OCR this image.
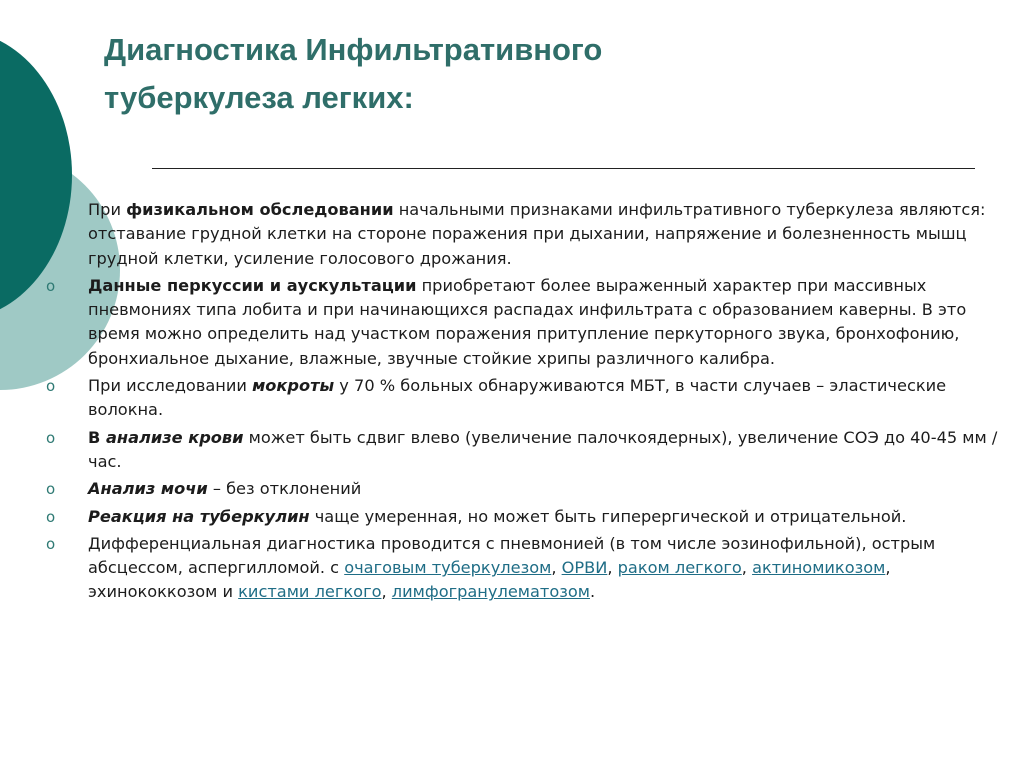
Диагностика Инфильтративного
туберкулеза легких:
При физикальном обследовании начальными признаками инфильтративного туберкулеза являются: отставание грудной клетки на стороне поражения при дыхании, напряжение и болезненность мышц грудной клетки, усиление голосового дрожания.
o Данные перкуссии и аускультации приобретают более выраженный характер при массивных пневмониях типа лобита и при начинающихся распадах инфильтрата с образованием каверны. В это время можно определить над участком поражения притупление перкуторного звука, бронхофонию, бронхиальное дыхание, влажные, звучные стойкие хрипы различного калибра.
o При исследовании мокроты у 70 % больных обнаруживаются МБТ, в части случаев – эластические волокна.
o В анализе крови может быть сдвиг влево (увеличение палочкоядерных), увеличение СОЭ до 40-45 мм /час.
o Анализ мочи – без отклонений
o Реакция на туберкулин чаще умеренная, но может быть гиперергической и отрицательной.
o Дифференциальная диагностика проводится с пневмонией (в том числе эозинофильной), острым абсцессом, аспергилломой. с очаговым туберкулезом, ОРВИ, раком легкого, актиномикозом, эхинококкозом и кистами легкого, лимфогранулематозом.
